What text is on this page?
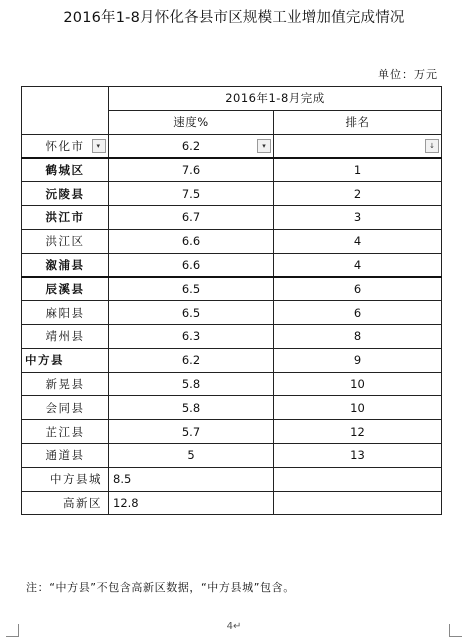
2016年1-8月怀化各县市区规模工业增加值完成情况
单位：万元
	2016年1-8月完成	
	速度%	排名
怀化市 ▾	6.2 ▾	↓

鹤城区	7.6	1
沅陵县	7.5	2
洪江市	6.7	3
洪江区	6.6	4
溆浦县	6.6	4
辰溪县	6.5	6
麻阳县	6.5	6
靖州县	6.3	8
中方县	6.2	9
新晃县	5.8	10
会同县	5.8	10
芷江县	5.7	12
通道县	5	13
中方县城	8.5	
高新区	12.8	
注：“中方县”不包含高新区数据，“中方县城”包含。
4↵
